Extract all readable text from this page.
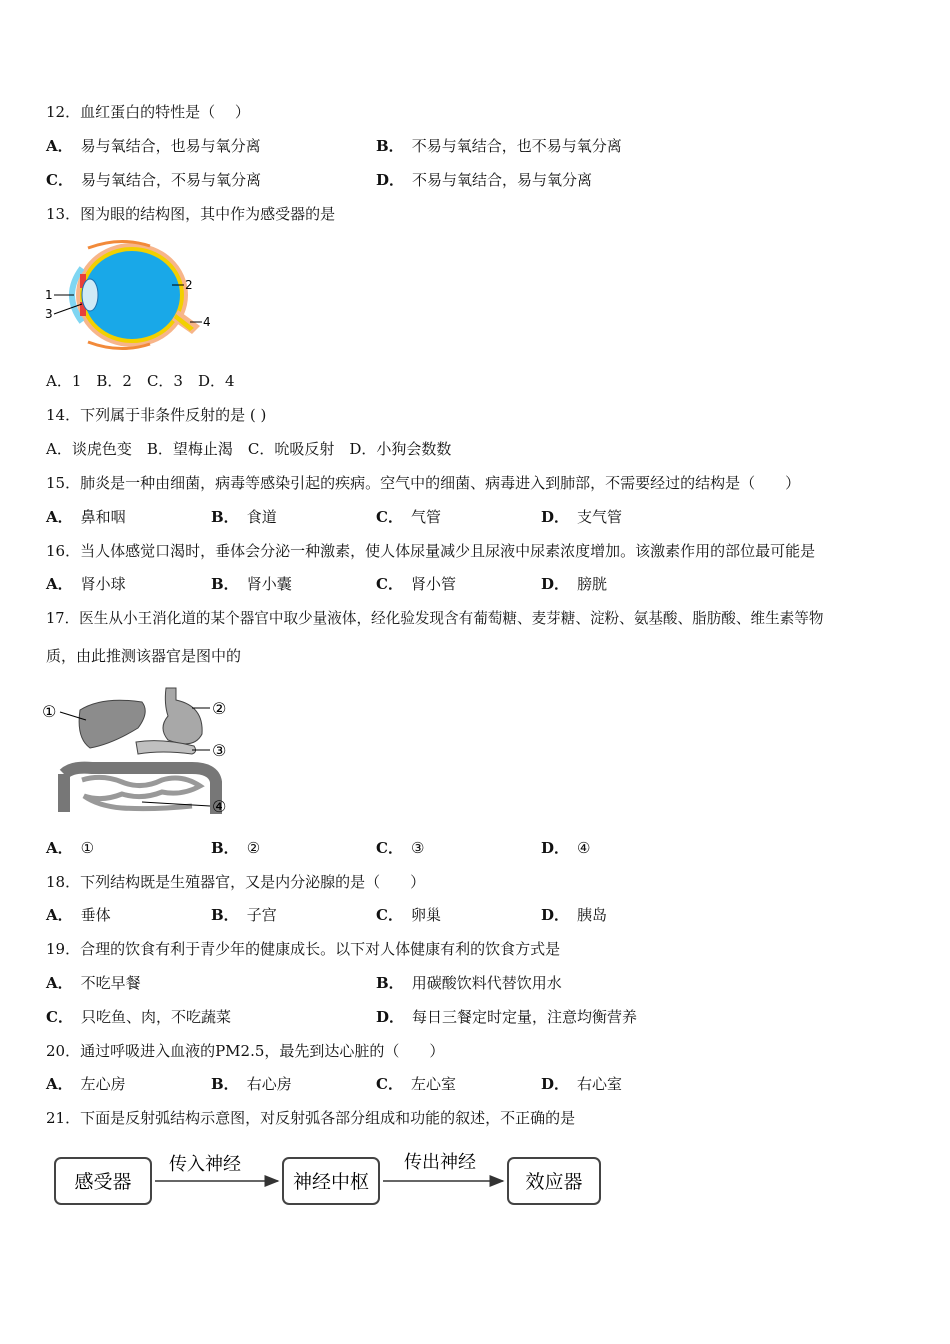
12．血红蛋白的特性是（　 ）
A． 易与氧结合，也易与氧分离	B． 不易与氧结合，也不易与氧分离
C． 易与氧结合，不易与氧分离	D． 不易与氧结合，易与氧分离
13．图为眼的结构图，其中作为感受器的是
1
3
2
4
A．1　B．2　C．3　D．4
14．下列属于非条件反射的是 ( )
A．谈虎色变　B．望梅止渴　C．吮吸反射　D．小狗会数数
15．肺炎是一种由细菌，病毒等感染引起的疾病。空气中的细菌、病毒进入到肺部，不需要经过的结构是（　　）
A． 鼻和咽	B． 食道	C． 气管	D． 支气管
16．当人体感觉口渴时，垂体会分泌一种激素，使人体尿量减少且尿液中尿素浓度增加。该激素作用的部位最可能是
A． 肾小球	B． 肾小囊	C． 肾小管	D． 膀胱
17．医生从小王消化道的某个器官中取少量液体，经化验发现含有葡萄糖、麦芽糖、淀粉、氨基酸、脂肪酸、维生素等物
质，由此推测该器官是图中的
①	②
③
④
A． ①	B． ②	C． ③	D． ④
18．下列结构既是生殖器官，又是内分泌腺的是（　　）
A． 垂体	B． 子宫	C． 卵巢	D． 胰岛
19．合理的饮食有利于青少年的健康成长。以下对人体健康有利的饮食方式是
A． 不吃早餐	B． 用碳酸饮料代替饮用水
C． 只吃鱼、肉，不吃蔬菜	D． 每日三餐定时定量，注意均衡营养
20．通过呼吸进入血液的PM2.5，最先到达心脏的（　　）
A． 左心房	B． 右心房	C． 左心室	D． 右心室
21．下面是反射弧结构示意图，对反射弧各部分组成和功能的叙述，不正确的是
感受器
传入神经
神经中枢
传出神经
效应器
